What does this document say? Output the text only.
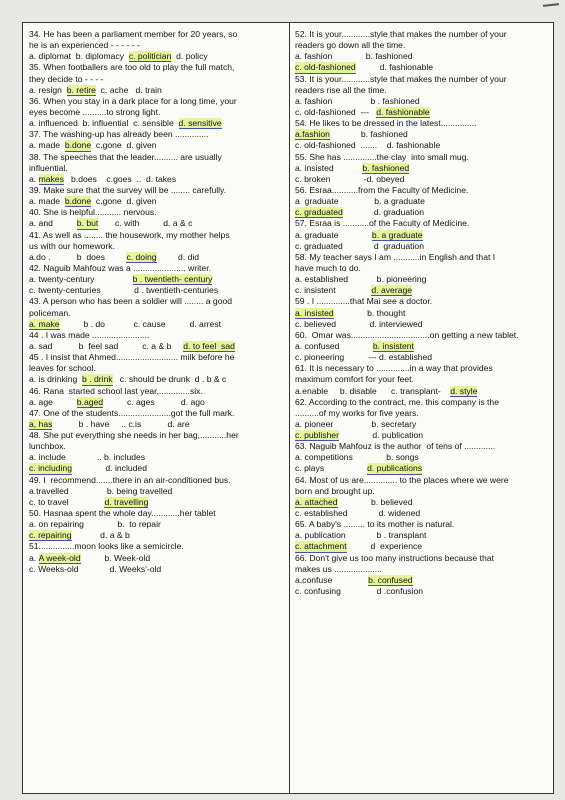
34. He has been a parliament member for 20 years, so
he is an experienced - - - - - -
a. diplomat  b. diplomacy c. politician d. policy
35. When footballers are too old to play the full match,
they decide to - - - -
a. resign b. retire c. ache   d. train
36. When you stay in a dark place for a long time, your
eyes become ..........to strong light.
a. influenced  b. influential  c. sensible d. sensitive
37. The washing-up has already been ..............
a. made b.done c.gone  d. given
38. The speeches that the leader.......... are usually
influential.
a. makes b.does    c.goes  ..  d. takes
39. Make sure that the survey will be ........ carefully.
a. made b.done c.gone  d. given
40. She is helpful........... nervous.
a. and b. but c. with          d. a & c
41. As well as ........ the housework, my mother helps
us with our homework.
a.do .           b  does c. doing d. did
42. Naguib Mahfouz was a ...................... writer.
a. twenty-century b . twentieth- century
c. twenty-centuries              d . twentieth-centuries
43. A person who has been a soldier will ........ a good
policeman.
a. make b . do            c. cause          d. arrest
44 . I was made ........................
a. sad           b  feel sad          c. a & b d. to feel  sad
45 . I insist that Ahmed.......................... milk before he
leaves for school.
a. is drinking b . drink c. should be drunk  d . b & c
46. Rana  started school last year,.............six.
a. age b.aged c. ages           d. ago
47. One of the students......................got the full mark.
a, has b . have     .. c.is           d. are
48. She put everything she needs in her bag,...........her
lunchbox.
a. include             .. b. includes
c. including d. included
49. I  recommend.......there in an air-conditioned bus.
a.travelled                b. being travelled
c. to travel d. travelling
50. Hasnaa spent the whole day............her tablet
a. on repairing              b.  to repair
c. repairing d. a & b
51...............moon looks like a semicircle.
a. A week-old b. Week-old
c. Weeks-old             d. Weeks'-old
52. It is your............style that makes the number of your
readers go down all the time.
a. fashion              b. fashioned
c. old-fashioned d. fashionable
53. It is your............style that makes the number of your
readers rise all the time.
a. fashion                b . fashioned
c. old-fashioned  --- d. fashionable
54. He likes to be dressed in the latest...............
a.fashion b. fashioned
c. old-fashioned  .......    d. fashionable
55. She has ..............the clay  into small mug.
a. insisted b. fashioned
c. broken              -d. obeyed
56. Esraa...........from the Faculty of Medicine.
a  graduate               b. a graduate
c. graduated d. graduation
57. Esraa is ...........of the Faculty of Medicine.
a. graduate b. a graduate
c. graduated             d  graduation
58. My teacher says I am ...........in English and that I
have much to do.
a. established            b. pioneering
c. insistent d. average
59 . I ..............that Mai see a doctor.
a. insisted b. thought
c. believed              d. interviewed
60.  Omar was.................................on getting a new tablet.
a. confused b. insistent
c. pioneering          --- d. established
61. It is necessary to ..............in a way that provides
maximum comfort for your feet.
a.enable     b. disable      c. transplant- d. style
62. According to the contract, me. this company is the
..........of my works for five years.
a. pioneer                b. secretary
c. publisher d. publication
63. Naguib Mahfouz is the author  of tens of .............
a. competitions              b. songs
c. plays d. publications
64. Most of us are.............. to the places where we were
born and brought up.
a. attached b. believed
c. established             d. widened
65. A baby's ......... to its mother is natural.
a. publication             b . transplant
c. attachment d  experience
66. Don't give us too many instructions because that
makes us ....................
a.confuse b. confused
c. confusing               d .confusion
